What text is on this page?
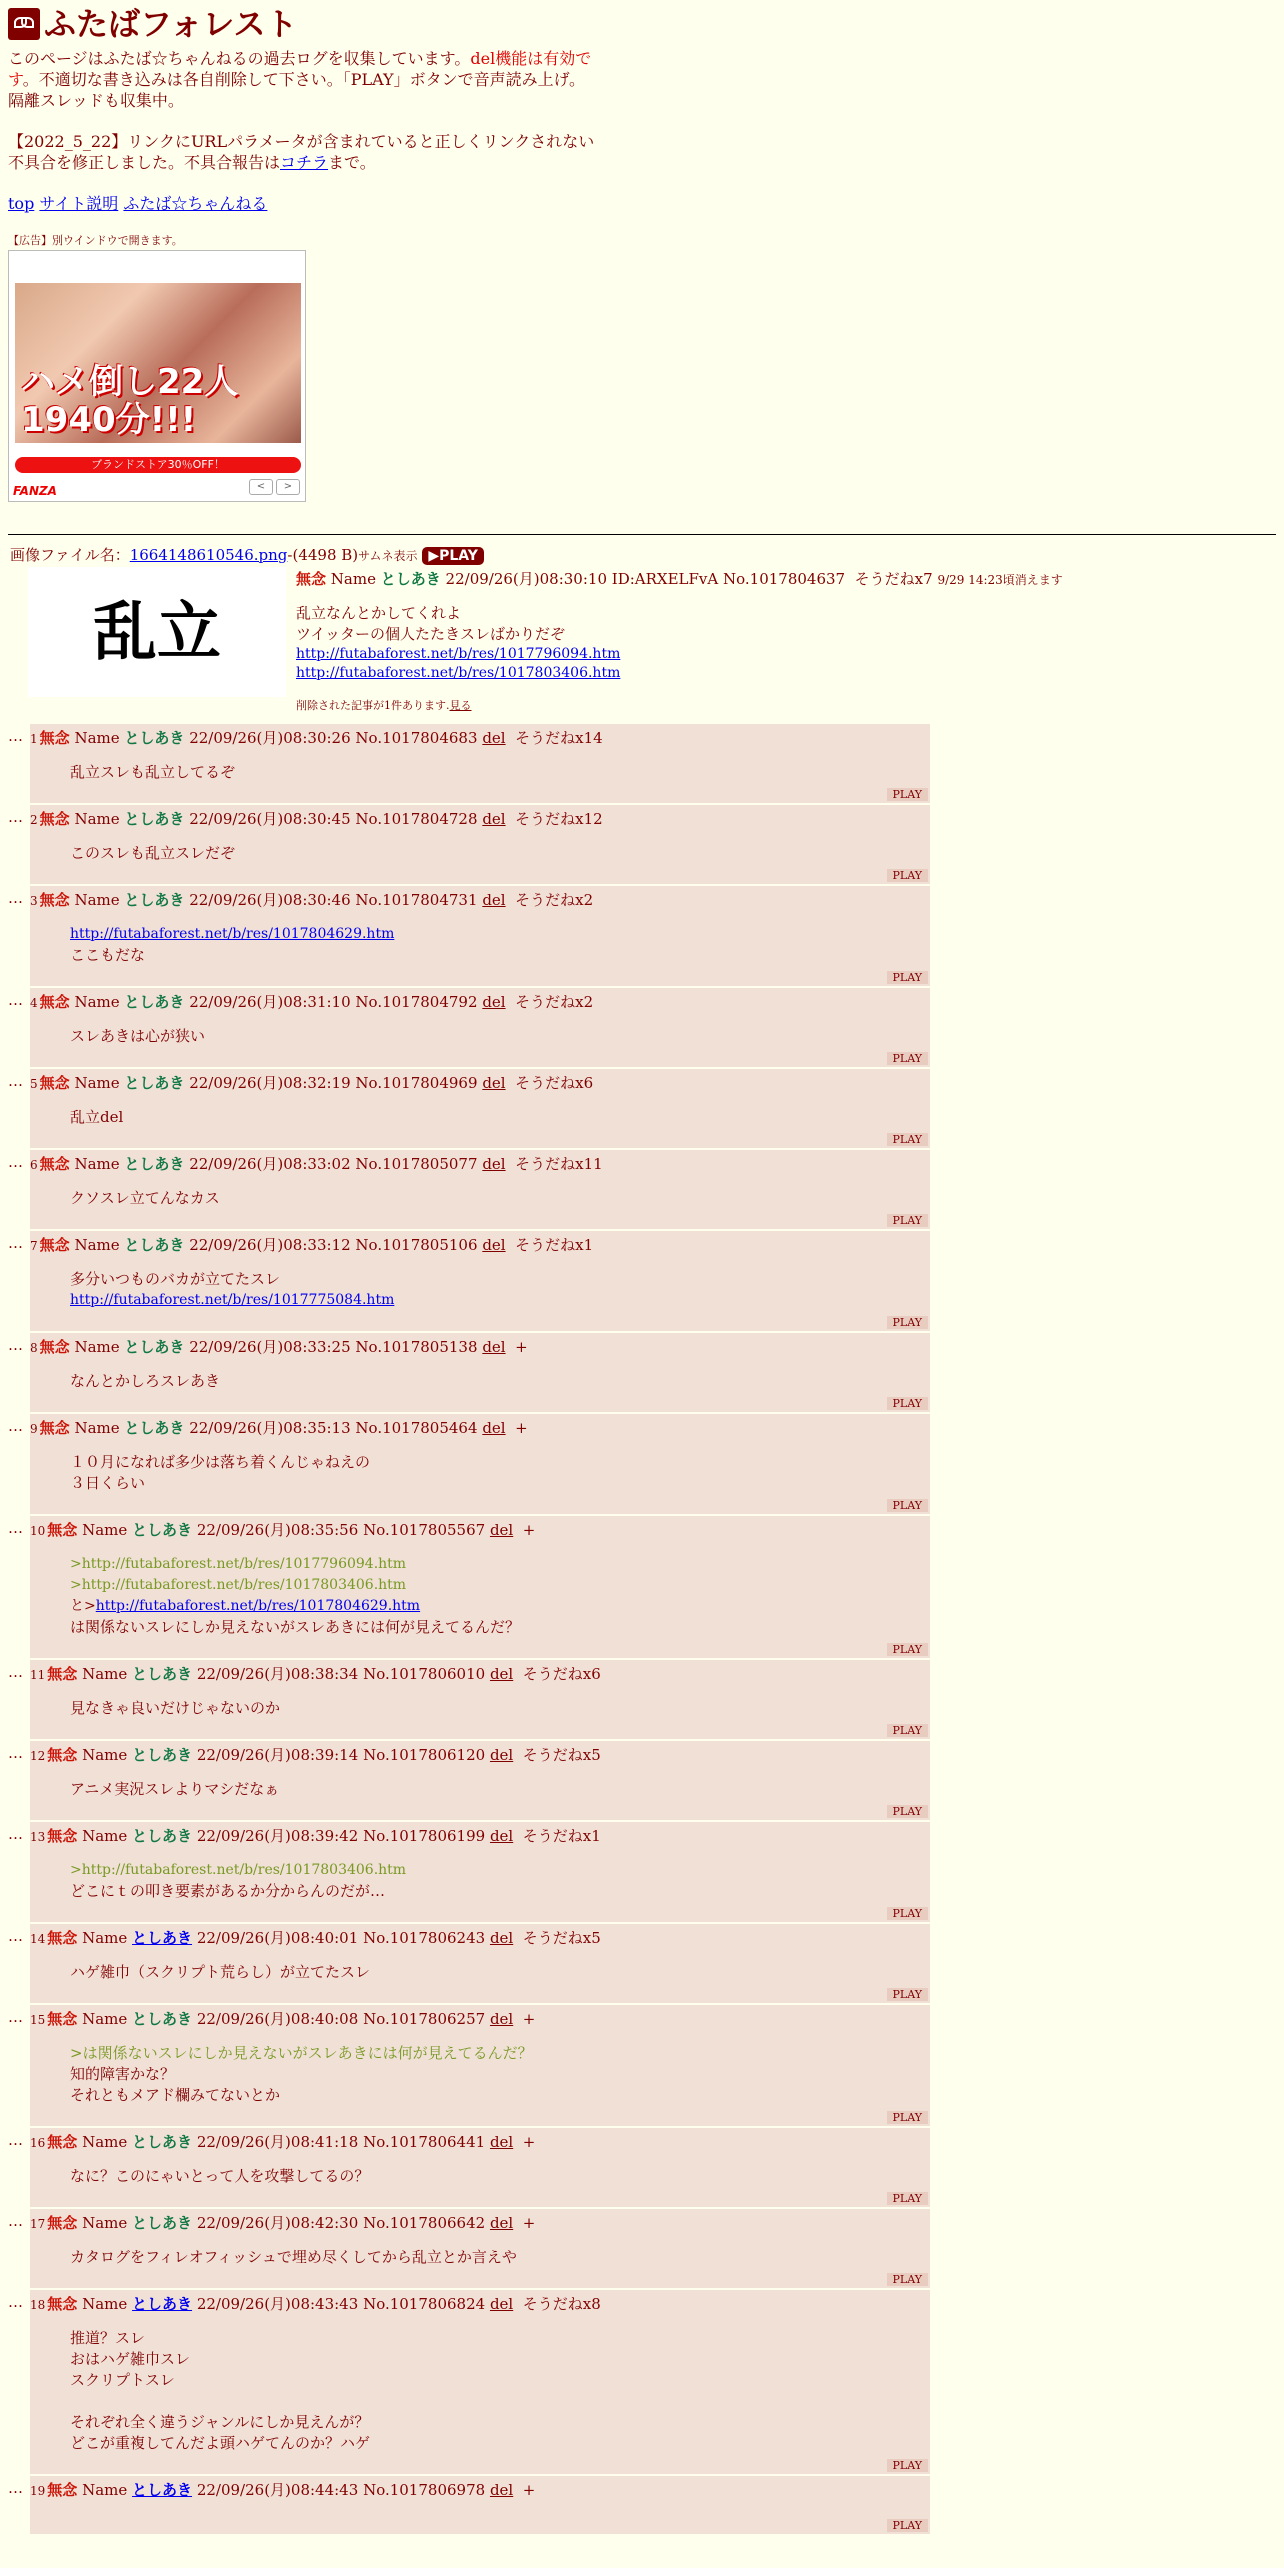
ふたばフォレスト
このページはふたば☆ちゃんねるの過去ログを収集しています。del機能は有効です。不適切な書き込みは各自削除して下さい。「PLAY」ボタンで音声読み上げ。隔離スレッドも収集中。
【2022_5_22】リンクにURLパラメータが含まれていると正しくリンクされない不具合を修正しました。不具合報告はコチラまで。
top サイト説明 ふたば☆ちゃんねる
【広告】別ウインドウで開きます。
ハメ倒し22人1940分!!!
ブランドストア30％OFF！
FANZA	<	>
画像ファイル名：1664148610546.png-(4498 B)サムネ表示 ▶PLAY
乱立
無念 Name としあき 22/09/26(月)08:30:10 ID:ARXELFvA No.1017804637 そうだねx7 9/29 14:23頃消えます
乱立なんとかしてくれよ
ツイッターの個人たたきスレばかりだぞ
http://futabaforest.net/b/res/1017796094.htm
http://futabaforest.net/b/res/1017803406.htm
削除された記事が1件あります.見る
… 1 無念 Name としあき 22/09/26(月)08:30:26 No.1017804683 del そうだねx14
乱立スレも乱立してるぞ
PLAY
… 2 無念 Name としあき 22/09/26(月)08:30:45 No.1017804728 del そうだねx12
このスレも乱立スレだぞ
PLAY
… 3 無念 Name としあき 22/09/26(月)08:30:46 No.1017804731 del そうだねx2
http://futabaforest.net/b/res/1017804629.htm
ここもだな
PLAY
… 4 無念 Name としあき 22/09/26(月)08:31:10 No.1017804792 del そうだねx2
スレあきは心が狭い
PLAY
… 5 無念 Name としあき 22/09/26(月)08:32:19 No.1017804969 del そうだねx6
乱立del
PLAY
… 6 無念 Name としあき 22/09/26(月)08:33:02 No.1017805077 del そうだねx11
クソスレ立てんなカス
PLAY
… 7 無念 Name としあき 22/09/26(月)08:33:12 No.1017805106 del そうだねx1
多分いつものバカが立てたスレ
http://futabaforest.net/b/res/1017775084.htm
PLAY
… 8 無念 Name としあき 22/09/26(月)08:33:25 No.1017805138 del +
なんとかしろスレあき
PLAY
… 9 無念 Name としあき 22/09/26(月)08:35:13 No.1017805464 del +
１０月になれば多少は落ち着くんじゃねえの
３日くらい
PLAY
… 10 無念 Name としあき 22/09/26(月)08:35:56 No.1017805567 del +
>http://futabaforest.net/b/res/1017796094.htm
>http://futabaforest.net/b/res/1017803406.htm
と>http://futabaforest.net/b/res/1017804629.htm
は関係ないスレにしか見えないがスレあきには何が見えてるんだ？
PLAY
… 11 無念 Name としあき 22/09/26(月)08:38:34 No.1017806010 del そうだねx6
見なきゃ良いだけじゃないのか
PLAY
… 12 無念 Name としあき 22/09/26(月)08:39:14 No.1017806120 del そうだねx5
アニメ実況スレよりマシだなぁ
PLAY
… 13 無念 Name としあき 22/09/26(月)08:39:42 No.1017806199 del そうだねx1
>http://futabaforest.net/b/res/1017803406.htm
どこにｔの叩き要素があるか分からんのだが…
PLAY
… 14 無念 Name としあき 22/09/26(月)08:40:01 No.1017806243 del そうだねx5
ハゲ雑巾（スクリプト荒らし）が立てたスレ
PLAY
… 15 無念 Name としあき 22/09/26(月)08:40:08 No.1017806257 del +
>は関係ないスレにしか見えないがスレあきには何が見えてるんだ？
知的障害かな？
それともメアド欄みてないとか
PLAY
… 16 無念 Name としあき 22/09/26(月)08:41:18 No.1017806441 del +
なに？このにゃいとって人を攻撃してるの？
PLAY
… 17 無念 Name としあき 22/09/26(月)08:42:30 No.1017806642 del +
カタログをフィレオフィッシュで埋め尽くしてから乱立とか言えや
PLAY
… 18 無念 Name としあき 22/09/26(月)08:43:43 No.1017806824 del そうだねx8
推道？スレ
おはハゲ雑巾スレ
スクリプトスレ

それぞれ全く違うジャンルにしか見えんが？
どこが重複してんだよ頭ハゲてんのか？ハゲ
PLAY
… 19 無念 Name としあき 22/09/26(月)08:44:43 No.1017806978 del +
PLAY
